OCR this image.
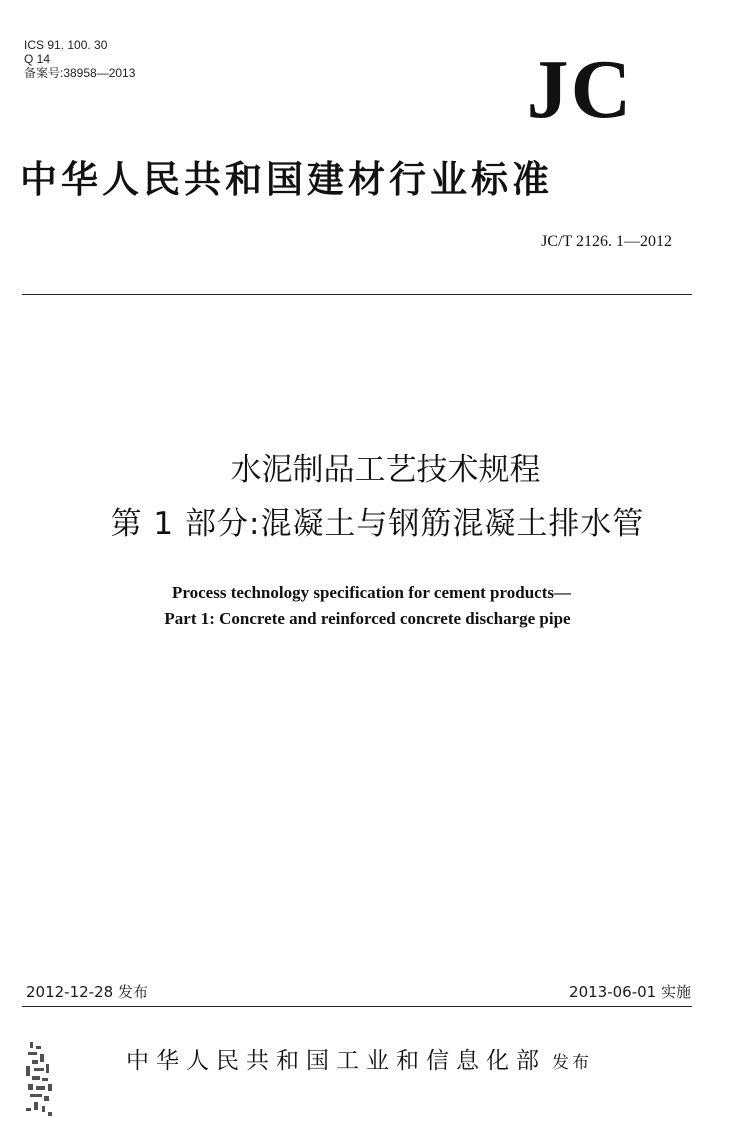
ICS 91. 100. 30
Q 14
备案号:38958—2013	JC
中华人民共和国建材行业标准
JC/T 2126. 1—2012
水泥制品工艺技术规程
第 1 部分:混凝土与钢筋混凝土排水管
Process technology specification for cement products—
Part 1: Concrete and reinforced concrete discharge pipe
2012-12-28 发布	2013-06-01 实施
中华人民共和国工业和信息化部 发布
